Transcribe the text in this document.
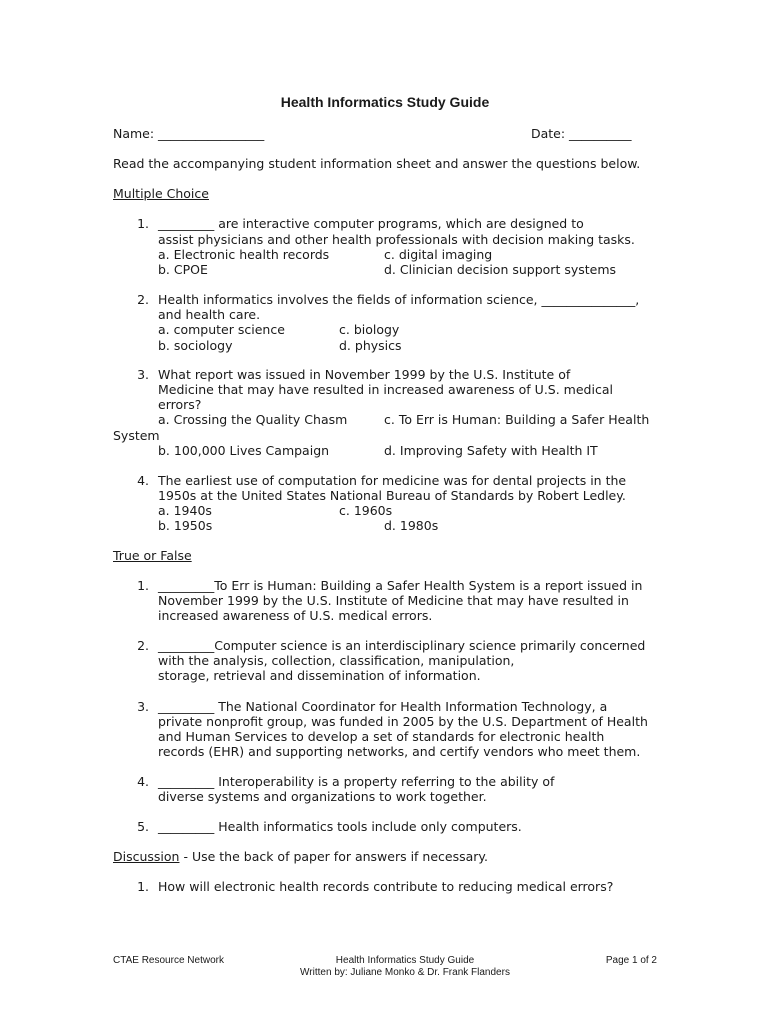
Health Informatics Study Guide
Name: _________________	Date: __________
Read the accompanying student information sheet and answer the questions below.
Multiple Choice
1. _________ are interactive computer programs, which are designed to
assist physicians and other health professionals with decision making tasks.
a. Electronic health records	c. digital imaging
b. CPOE	d. Clinician decision support systems
2. Health informatics involves the fields of information science, _______________,
and health care.
a. computer science	c. biology
b. sociology	d. physics
3. What report was issued in November 1999 by the U.S. Institute of
Medicine that may have resulted in increased awareness of U.S. medical
errors?
a. Crossing the Quality Chasm	c. To Err is Human: Building a Safer Health
System
b. 100,000 Lives Campaign	d. Improving Safety with Health IT
4. The earliest use of computation for medicine was for dental projects in the
1950s at the United States National Bureau of Standards by Robert Ledley.
a. 1940s	c. 1960s
b. 1950s	d. 1980s
True or False
1. _________To Err is Human: Building a Safer Health System is a report issued in
November 1999 by the U.S. Institute of Medicine that may have resulted in
increased awareness of U.S. medical errors.
2. _________Computer science is an interdisciplinary science primarily concerned
with the analysis, collection, classification, manipulation,
storage, retrieval and dissemination of information.
3. _________ The National Coordinator for Health Information Technology, a
private nonprofit group, was funded in 2005 by the U.S. Department of Health
and Human Services to develop a set of standards for electronic health
records (EHR) and supporting networks, and certify vendors who meet them.
4. _________ Interoperability is a property referring to the ability of
diverse systems and organizations to work together.
5. _________ Health informatics tools include only computers.
Discussion - Use the back of paper for answers if necessary.
1. How will electronic health records contribute to reducing medical errors?
CTAE Resource Network	Health Informatics Study Guide
Written by: Juliane Monko & Dr. Frank Flanders
Page 1 of 2
